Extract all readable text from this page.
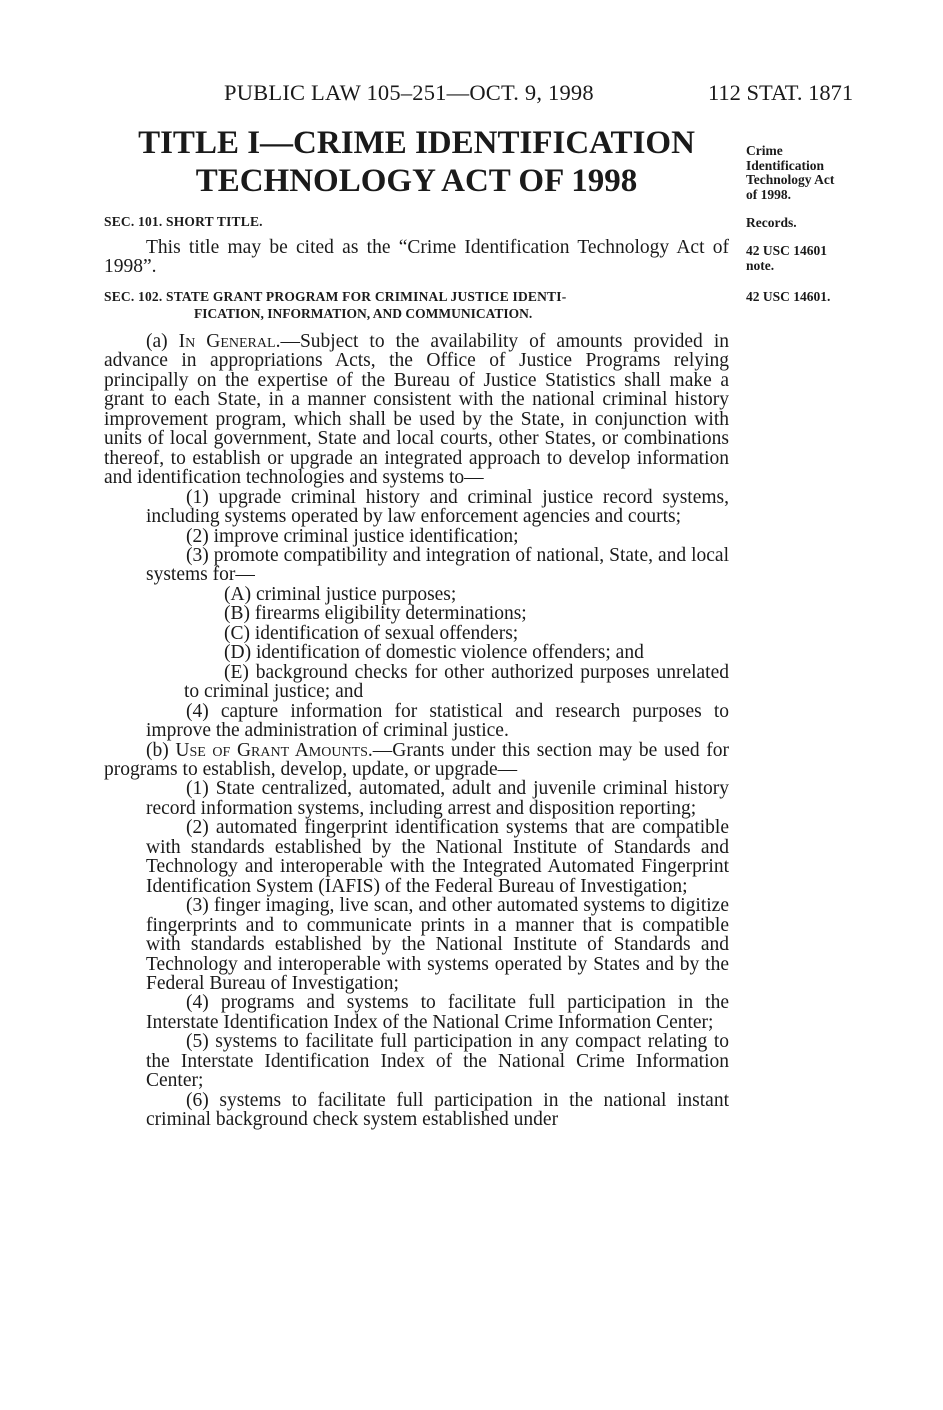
PUBLIC LAW 105–251—OCT. 9, 1998	112 STAT. 1871
TITLE I—CRIME IDENTIFICATION
TECHNOLOGY ACT OF 1998
Crime
Identification
Technology Act
of 1998.
Records.
42 USC 14601
note.
42 USC 14601.
SEC. 101. SHORT TITLE.

This title may be cited as the “Crime Identification Technology Act of 1998”.

SEC. 102. STATE GRANT PROGRAM FOR CRIMINAL JUSTICE IDENTI-
FICATION, INFORMATION, AND COMMUNICATION.

(a) In General.—Subject to the availability of amounts provided in advance in appropriations Acts, the Office of Justice Programs relying principally on the expertise of the Bureau of Justice Statistics shall make a grant to each State, in a manner consistent with the national criminal history improvement program, which shall be used by the State, in conjunction with units of local government, State and local courts, other States, or combinations thereof, to establish or upgrade an integrated approach to develop information and identification technologies and systems to—

(1) upgrade criminal history and criminal justice record systems, including systems operated by law enforcement agencies and courts;

(2) improve criminal justice identification;

(3) promote compatibility and integration of national, State, and local systems for—

(A) criminal justice purposes;

(B) firearms eligibility determinations;

(C) identification of sexual offenders;

(D) identification of domestic violence offenders; and

(E) background checks for other authorized purposes unrelated to criminal justice; and

(4) capture information for statistical and research purposes to improve the administration of criminal justice.

(b) Use of Grant Amounts.—Grants under this section may be used for programs to establish, develop, update, or upgrade—

(1) State centralized, automated, adult and juvenile criminal history record information systems, including arrest and disposition reporting;

(2) automated fingerprint identification systems that are compatible with standards established by the National Institute of Standards and Technology and interoperable with the Integrated Automated Fingerprint Identification System (IAFIS) of the Federal Bureau of Investigation;

(3) finger imaging, live scan, and other automated systems to digitize fingerprints and to communicate prints in a manner that is compatible with standards established by the National Institute of Standards and Technology and interoperable with systems operated by States and by the Federal Bureau of Investigation;

(4) programs and systems to facilitate full participation in the Interstate Identification Index of the National Crime Information Center;

(5) systems to facilitate full participation in any compact relating to the Interstate Identification Index of the National Crime Information Center;

(6) systems to facilitate full participation in the national instant criminal background check system established under
